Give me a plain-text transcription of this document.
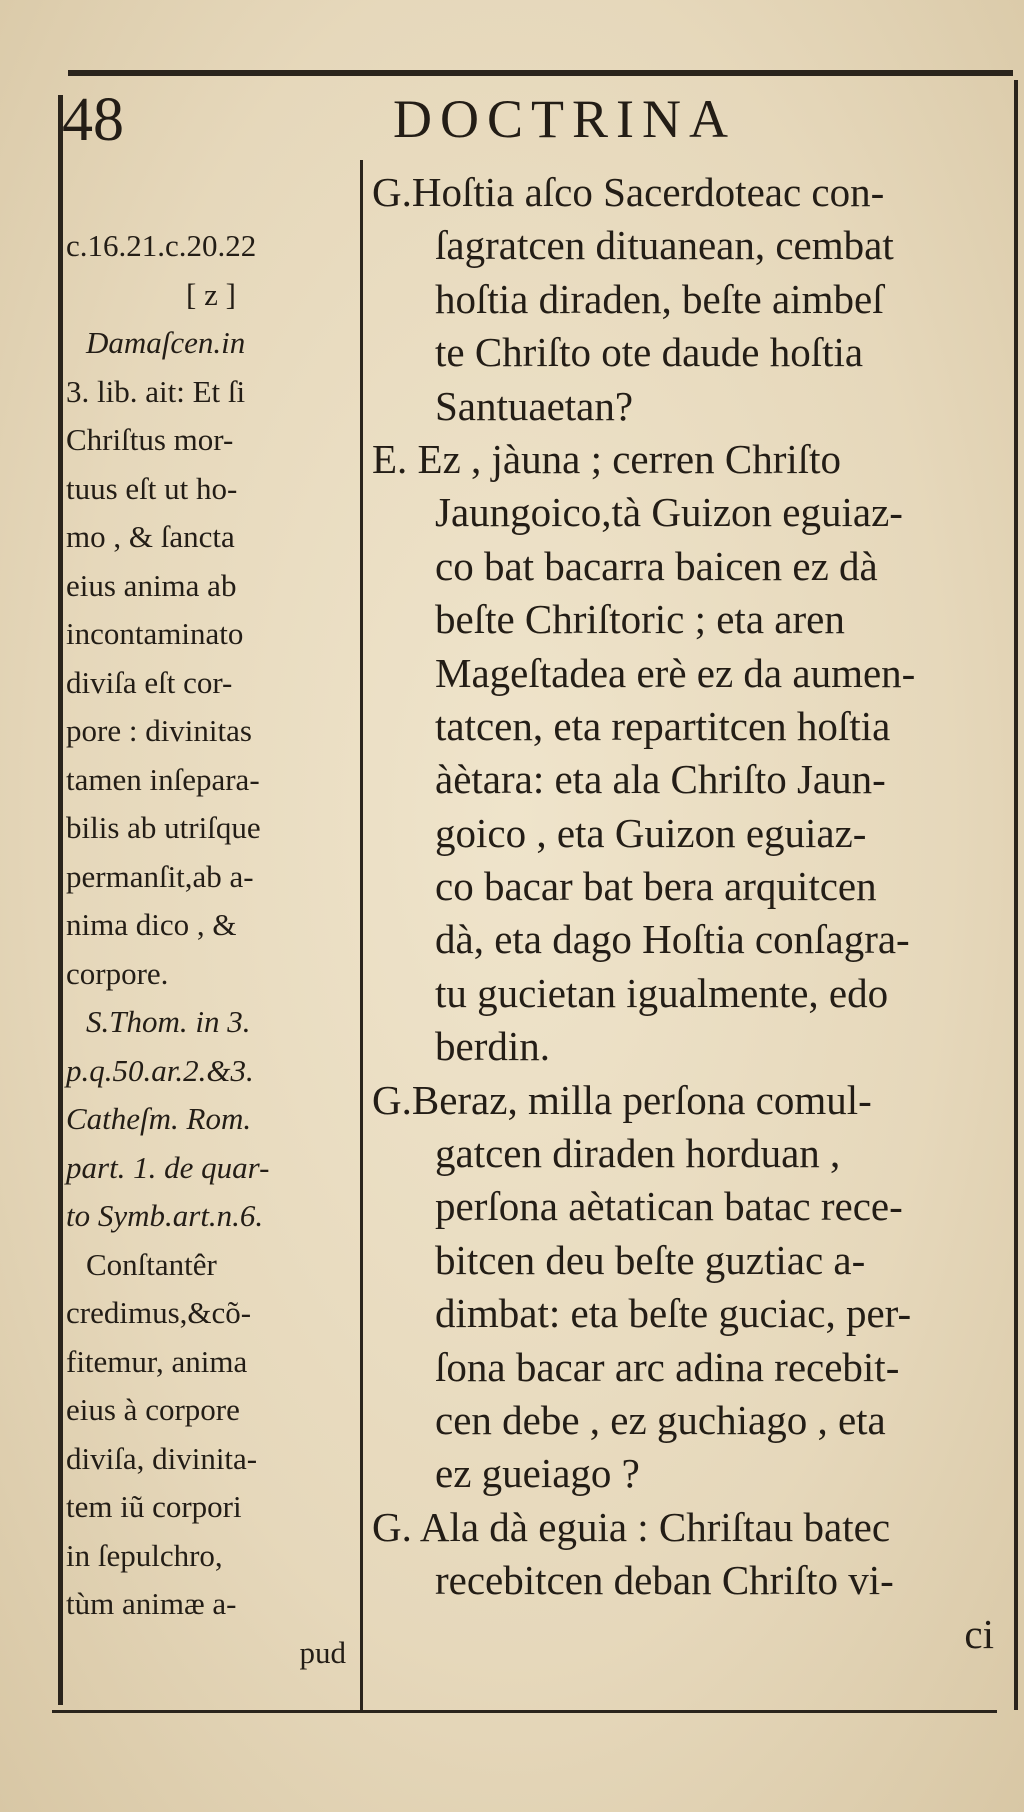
48	DOCTRINA
c.16.21.c.20.22
[ z ]
Damaſcen.in
3. lib. ait: Et ſi
Chriſtus mor-
tuus eſt ut ho-
mo , & ſancta
eius anima ab
incontaminato
diviſa eſt cor-
pore : divinitas
tamen inſepara-
bilis ab utriſque
permanſit,ab a-
nima dico , &
corpore.
S.Thom. in 3.
p.q.50.ar.2.&3.
Catheſm. Rom.
part. 1. de quar-
to Symb.art.n.6.
Conſtantêr
credimus,&cõ-
fitemur, anima
eius à corpore
diviſa, divinita-
tem iũ corpori
in ſepulchro,
tùm animæ a-
pud
G.Hoſtia aſco Sacerdoteac con-
ſagratcen dituanean, cembat
hoſtia diraden, beſte aimbeſ
te Chriſto ote daude hoſtia
Santuaetan?
E. Ez , jàuna ; cerren Chriſto
Jaungoico,tà Guizon eguiaz-
co bat bacarra baicen ez dà
beſte Chriſtoric ; eta aren
Mageſtadea erè ez da aumen-
tatcen, eta repartitcen hoſtia
àètara: eta ala Chriſto Jaun-
goico , eta Guizon eguiaz-
co bacar bat bera arquitcen
dà, eta dago Hoſtia conſagra-
tu gucietan igualmente, edo
berdin.
G.Beraz, milla perſona comul-
gatcen diraden horduan ,
perſona aètatican batac rece-
bitcen deu beſte guztiac a-
dimbat: eta beſte guciac, per-
ſona bacar arc adina recebit-
cen debe , ez guchiago , eta
ez gueiago ?
G. Ala dà eguia : Chriſtau batec
recebitcen deban Chriſto vi-
ci
